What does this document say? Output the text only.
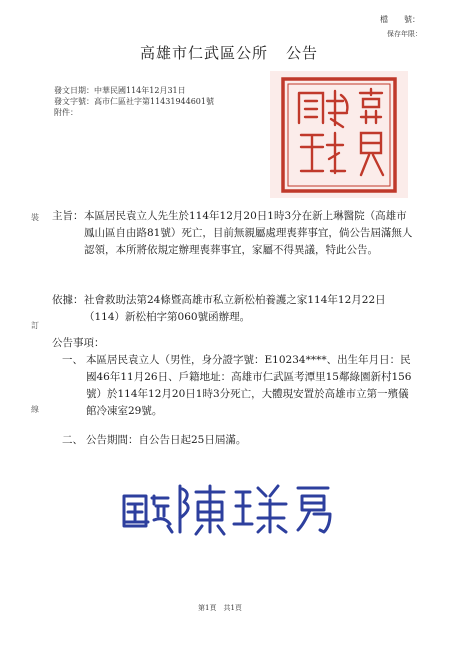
檔　　號：
保存年限：
高雄市仁武區公所 公告
發文日期：中華民國114年12月31日
發文字號：高市仁區社字第11431944601號
附件：
裝
訂
線
主旨： 本區居民袁立人先生於114年12月20日1時3分在新上琳醫院（高雄市鳳山區自由路81號）死亡，目前無親屬處理喪葬事宜，倘公告屆滿無人認領，本所將依規定辦理喪葬事宜，家屬不得異議，特此公告。
依據： 社會救助法第24條暨高雄市私立新松柏養護之家114年12月22日（114）新松柏字第060號函辦理。
公告事項：
一、 本區居民袁立人（男性，身分證字號：E10234****、出生年月日：民國46年11月26日、戶籍地址：高雄市仁武區考潭里15鄰綠園新村156號）於114年12月20日1時3分死亡，大體現安置於高雄市立第一殯儀館冷凍室29號。
二、 公告期間：自公告日起25日屆滿。
第1頁　共1頁
